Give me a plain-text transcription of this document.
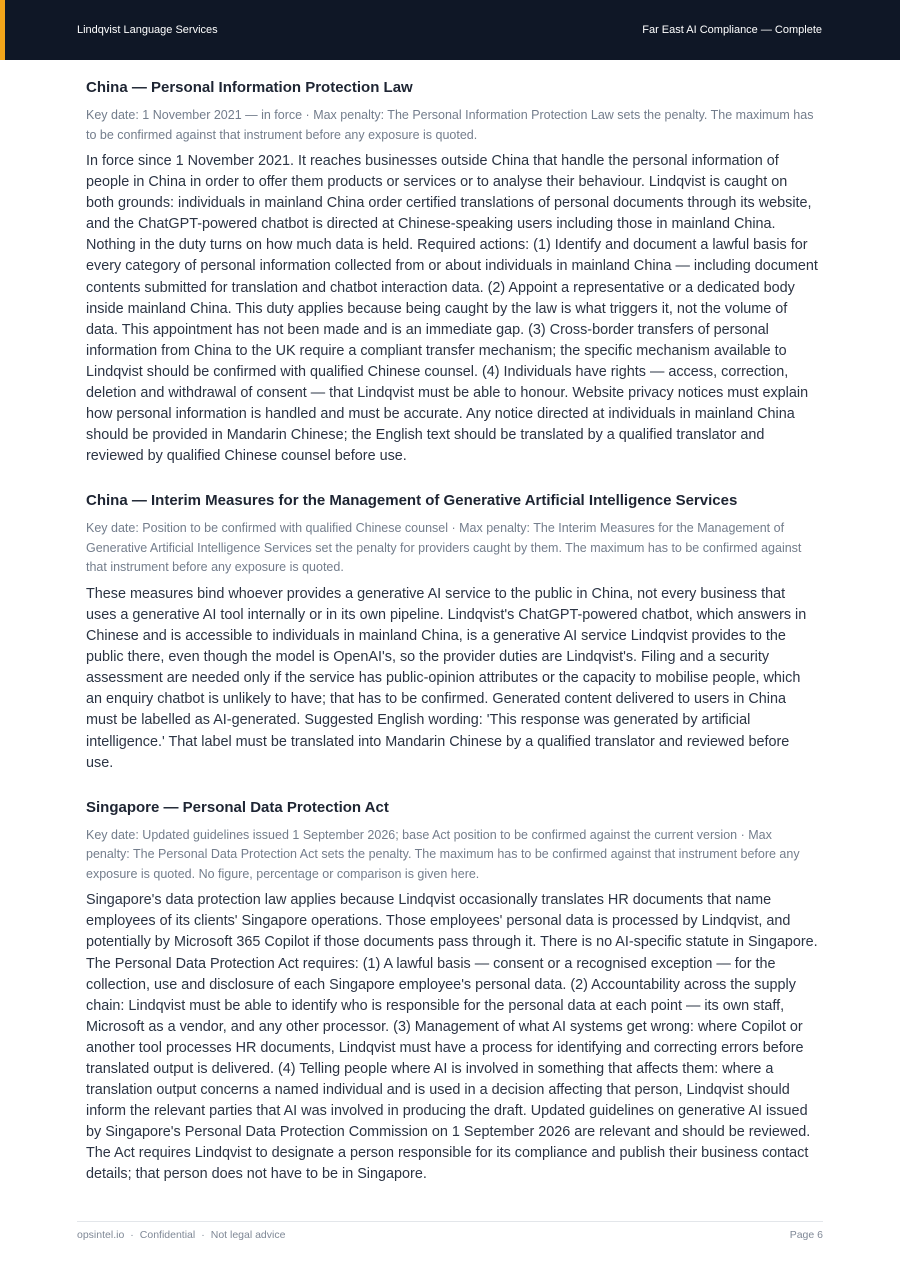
Lindqvist Language Services	Far East AI Compliance — Complete
China — Personal Information Protection Law

Key date: 1 November 2021 — in force · Max penalty: The Personal Information Protection Law sets the penalty. The maximum has to be confirmed against that instrument before any exposure is quoted.

In force since 1 November 2021. It reaches businesses outside China that handle the personal information of people in China in order to offer them products or services or to analyse their behaviour. Lindqvist is caught on both grounds: individuals in mainland China order certified translations of personal documents through its website, and the ChatGPT-powered chatbot is directed at Chinese-speaking users including those in mainland China. Nothing in the duty turns on how much data is held. Required actions: (1) Identify and document a lawful basis for every category of personal information collected from or about individuals in mainland China — including document contents submitted for translation and chatbot interaction data. (2) Appoint a representative or a dedicated body inside mainland China. This duty applies because being caught by the law is what triggers it, not the volume of data. This appointment has not been made and is an immediate gap. (3) Cross-border transfers of personal information from China to the UK require a compliant transfer mechanism; the specific mechanism available to Lindqvist should be confirmed with qualified Chinese counsel. (4) Individuals have rights — access, correction, deletion and withdrawal of consent — that Lindqvist must be able to honour. Website privacy notices must explain how personal information is handled and must be accurate. Any notice directed at individuals in mainland China should be provided in Mandarin Chinese; the English text should be translated by a qualified translator and reviewed by qualified Chinese counsel before use.

China — Interim Measures for the Management of Generative Artificial Intelligence Services

Key date: Position to be confirmed with qualified Chinese counsel · Max penalty: The Interim Measures for the Management of Generative Artificial Intelligence Services set the penalty for providers caught by them. The maximum has to be confirmed against that instrument before any exposure is quoted.

These measures bind whoever provides a generative AI service to the public in China, not every business that uses a generative AI tool internally or in its own pipeline. Lindqvist's ChatGPT-powered chatbot, which answers in Chinese and is accessible to individuals in mainland China, is a generative AI service Lindqvist provides to the public there, even though the model is OpenAI's, so the provider duties are Lindqvist's. Filing and a security assessment are needed only if the service has public-opinion attributes or the capacity to mobilise people, which an enquiry chatbot is unlikely to have; that has to be confirmed. Generated content delivered to users in China must be labelled as AI-generated. Suggested English wording: 'This response was generated by artificial intelligence.' That label must be translated into Mandarin Chinese by a qualified translator and reviewed before use.

Singapore — Personal Data Protection Act

Key date: Updated guidelines issued 1 September 2026; base Act position to be confirmed against the current version · Max penalty: The Personal Data Protection Act sets the penalty. The maximum has to be confirmed against that instrument before any exposure is quoted. No figure, percentage or comparison is given here.

Singapore's data protection law applies because Lindqvist occasionally translates HR documents that name employees of its clients' Singapore operations. Those employees' personal data is processed by Lindqvist, and potentially by Microsoft 365 Copilot if those documents pass through it. There is no AI-specific statute in Singapore. The Personal Data Protection Act requires: (1) A lawful basis — consent or a recognised exception — for the collection, use and disclosure of each Singapore employee's personal data. (2) Accountability across the supply chain: Lindqvist must be able to identify who is responsible for the personal data at each point — its own staff, Microsoft as a vendor, and any other processor. (3) Management of what AI systems get wrong: where Copilot or another tool processes HR documents, Lindqvist must have a process for identifying and correcting errors before translated output is delivered. (4) Telling people where AI is involved in something that affects them: where a translation output concerns a named individual and is used in a decision affecting that person, Lindqvist should inform the relevant parties that AI was involved in producing the draft. Updated guidelines on generative AI issued by Singapore's Personal Data Protection Commission on 1 September 2026 are relevant and should be reviewed. The Act requires Lindqvist to designate a person responsible for its compliance and publish their business contact details; that person does not have to be in Singapore.

opsintel.io · Confidential · Not legal advice	Page 6
